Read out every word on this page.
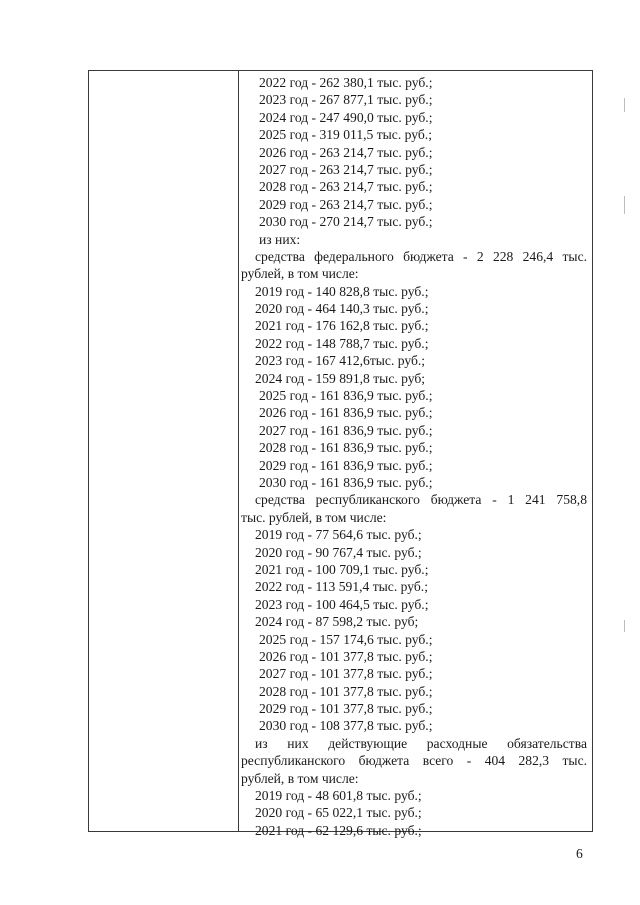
2022 год - 262 380,1 тыс. руб.;
2023 год - 267 877,1 тыс. руб.;
2024 год - 247 490,0 тыс. руб.;
2025 год - 319 011,5 тыс. руб.;
2026 год - 263 214,7 тыс. руб.;
2027 год - 263 214,7 тыс. руб.;
2028 год - 263 214,7 тыс. руб.;
2029 год - 263 214,7 тыс. руб.;
2030 год - 270 214,7 тыс. руб.;
из них:
средства федерального бюджета - 2 228 246,4 тыс.
рублей, в том числе:
2019 год - 140 828,8 тыс. руб.;
2020 год - 464 140,3 тыс. руб.;
2021 год - 176 162,8 тыс. руб.;
2022 год - 148 788,7 тыс. руб.;
2023 год - 167 412,6тыс. руб.;
2024 год - 159 891,8 тыс. руб;
2025 год - 161 836,9 тыс. руб.;
2026 год - 161 836,9 тыс. руб.;
2027 год - 161 836,9 тыс. руб.;
2028 год - 161 836,9 тыс. руб.;
2029 год - 161 836,9 тыс. руб.;
2030 год - 161 836,9 тыс. руб.;
средства республиканского бюджета - 1 241 758,8
тыс. рублей, в том числе:
2019 год - 77 564,6 тыс. руб.;
2020 год - 90 767,4 тыс. руб.;
2021 год - 100 709,1 тыс. руб.;
2022 год - 113 591,4 тыс. руб.;
2023 год - 100 464,5 тыс. руб.;
2024 год - 87 598,2 тыс. руб;
2025 год - 157 174,6 тыс. руб.;
2026 год - 101 377,8 тыс. руб.;
2027 год - 101 377,8 тыс. руб.;
2028 год - 101 377,8 тыс. руб.;
2029 год - 101 377,8 тыс. руб.;
2030 год - 108 377,8 тыс. руб.;
из них действующие расходные обязательства
республиканского бюджета всего - 404 282,3 тыс.
рублей, в том числе:
2019 год - 48 601,8 тыс. руб.;
2020 год - 65 022,1 тыс. руб.;
2021 год - 62 129,6 тыс. руб.;
6
